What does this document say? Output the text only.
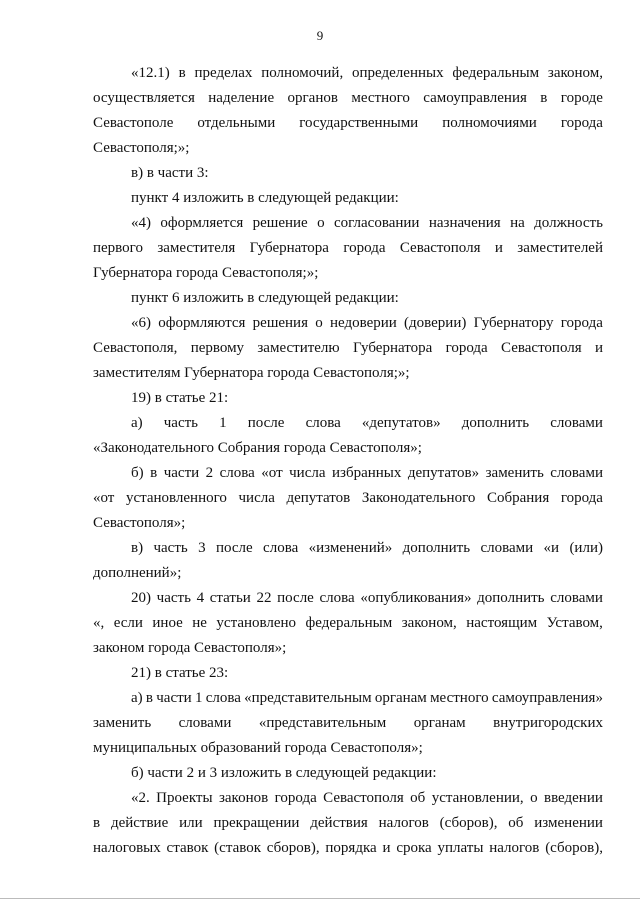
9
«12.1) в пределах полномочий, определенных федеральным законом,
осуществляется наделение органов местного самоуправления в городе
Севастополе отдельными государственными полномочиями города
Севастополя;»;
в) в части 3:
пункт 4 изложить в следующей редакции:
«4) оформляется решение о согласовании назначения на должность
первого заместителя Губернатора города Севастополя и заместителей
Губернатора города Севастополя;»;
пункт 6 изложить в следующей редакции:
«6) оформляются решения о недоверии (доверии) Губернатору города
Севастополя, первому заместителю Губернатора города Севастополя и
заместителям Губернатора города Севастополя;»;
19) в статье 21:
а) часть 1 после слова «депутатов» дополнить словами
«Законодательного Собрания города Севастополя»;
б) в части 2 слова «от числа избранных депутатов» заменить словами
«от установленного числа депутатов Законодательного Собрания города
Севастополя»;
в) часть 3 после слова «изменений» дополнить словами «и (или)
дополнений»;
20) часть 4 статьи 22 после слова «опубликования» дополнить словами
«, если иное не установлено федеральным законом, настоящим Уставом,
законом города Севастополя»;
21) в статье 23:
а) в части 1 слова «представительным органам местного самоуправления»
заменить словами «представительным органам внутригородских
муниципальных образований города Севастополя»;
б) части 2 и 3 изложить в следующей редакции:
«2. Проекты законов города Севастополя об установлении, о введении
в действие или прекращении действия налогов (сборов), об изменении
налоговых ставок (ставок сборов), порядка и срока уплаты налогов (сборов),
